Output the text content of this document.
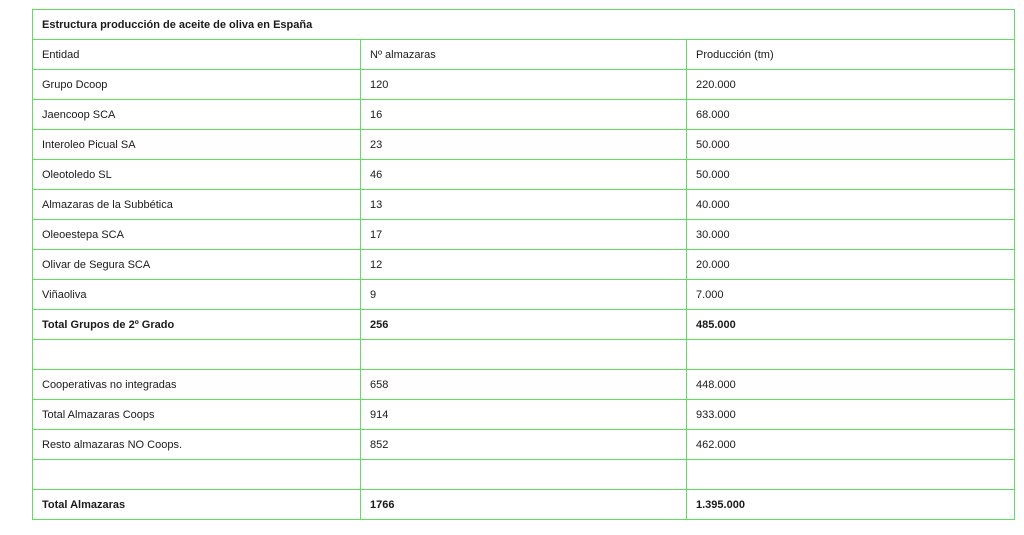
Estructura producción de aceite de oliva en España		
Entidad	Nº almazaras	Producción (tm)
Grupo Dcoop	120	220.000
Jaencoop SCA	16	68.000
Interoleo Picual SA	23	50.000
Oleotoledo SL	46	50.000
Almazaras de la Subbética	13	40.000
Oleoestepa SCA	17	30.000
Olivar de Segura SCA	12	20.000
Viñaoliva	9	7.000
Total Grupos de 2º Grado	256	485.000

Cooperativas no integradas	658	448.000
Total Almazaras Coops	914	933.000
Resto almazaras NO Coops.	852	462.000

Total Almazaras	1766	1.395.000
